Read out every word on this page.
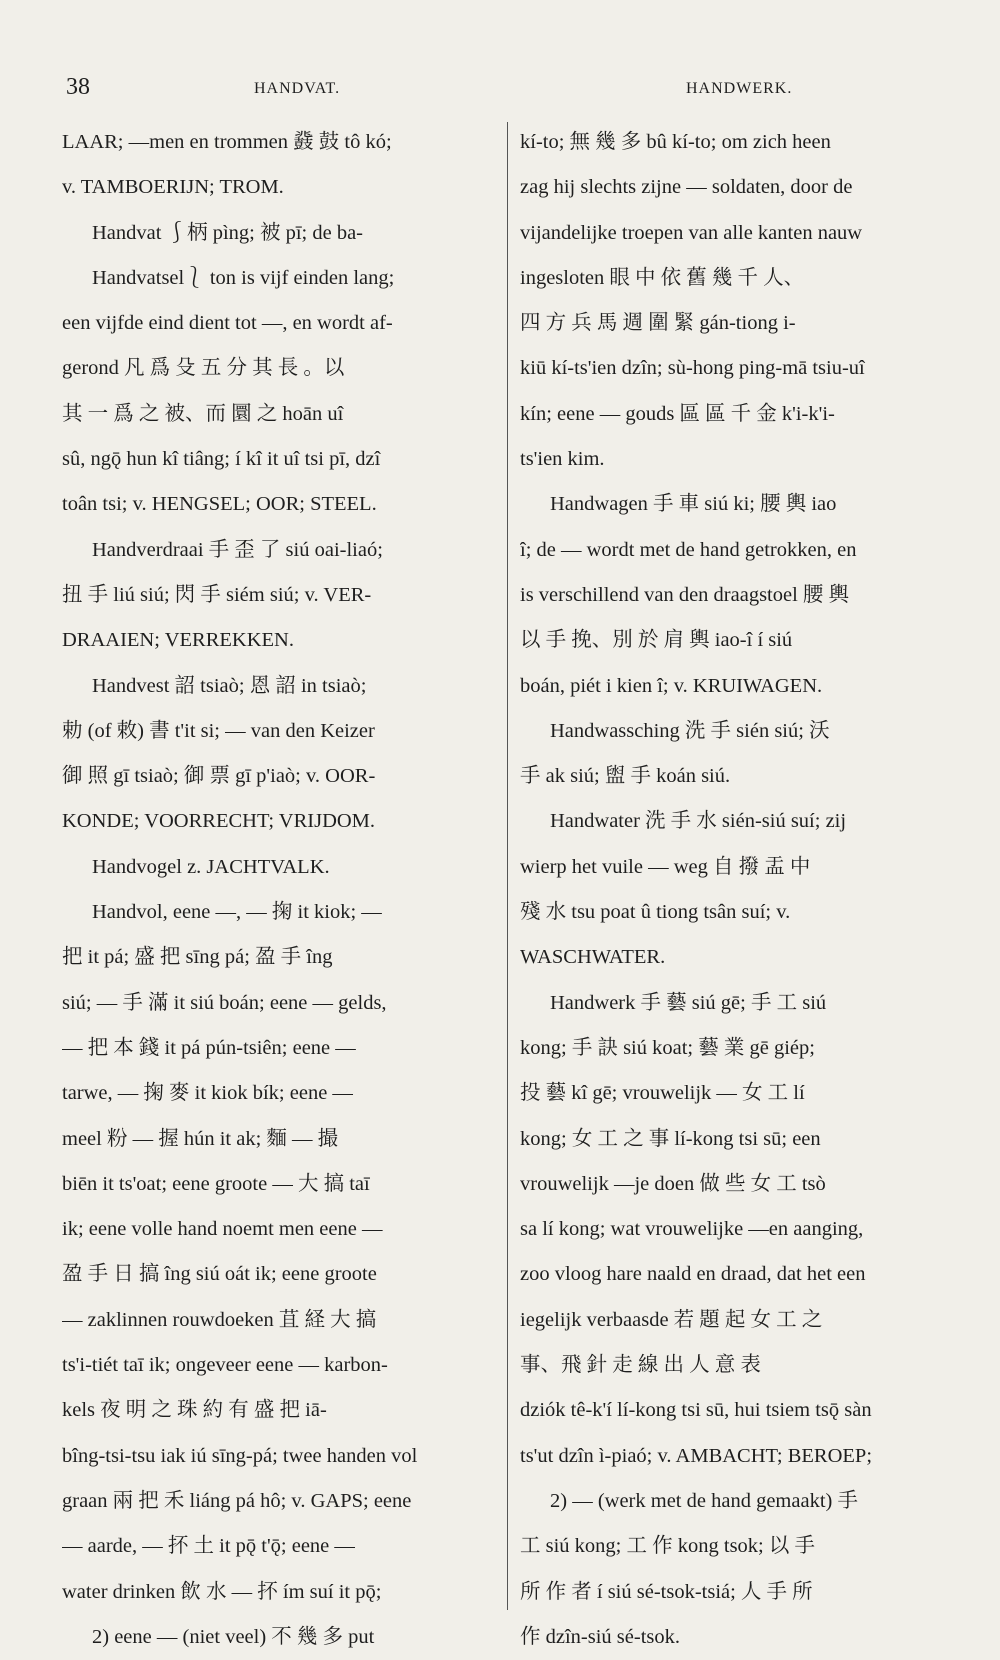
38	HANDVAT.	HANDWERK.
LAAR; —men en trommen 鼗 鼓 tô kó;
v. TAMBOERIJN; TROM.
Handvat ⎰柄 pìng; 被 pī; de ba-
Handvatsel⎱ ton is vijf einden lang;
een vijfde eind dient tot —, en wordt af-
gerond 凡 爲 殳 五 分 其 長 。以
其 一 爲 之 被、而 圜 之 hoān uî
sû, ngǭ hun kî tiâng; í kî it uî tsi pī, dzî
toân tsi; v. HENGSEL; OOR; STEEL.
Handverdraai 手 歪 了 siú oai-liaó;
扭 手 liú siú; 閃 手 siém siú; v. VER-
DRAAIEN; VERREKKEN.
Handvest 詔 tsiaò; 恩 詔 in tsiaò;
勅 (of 敕) 書 t'it si; — van den Keizer
御 照 gī tsiaò; 御 票 gī p'iaò; v. OOR-
KONDE; VOORRECHT; VRIJDOM.
Handvogel z. JACHTVALK.
Handvol, eene —, — 掬 it kiok; —
把 it pá; 盛 把 sīng pá; 盈 手 îng
siú; — 手 滿 it siú boán; eene — gelds,
— 把 本 錢 it pá pún-tsiên; eene —
tarwe, — 掬 麥 it kiok bík; eene —
meel 粉 — 握 hún it ak; 麵 — 撮
biēn it ts'oat; eene groote — 大 搞 taī
ik; eene volle hand noemt men eene —
盈 手 日 搞 îng siú oát ik; eene groote
— zaklinnen rouwdoeken 苴 経 大 搞
ts'i-tiét taī ik; ongeveer eene — karbon-
kels 夜 明 之 珠 約 有 盛 把 iā-
bîng-tsi-tsu iak iú sīng-pá; twee handen vol
graan 兩 把 禾 liáng pá hô; v. GAPS; eene
— aarde, — 抔 土 it pǭ t'ǭ; eene —
water drinken 飲 水 — 抔 ím suí it pǭ;
2) eene — (niet veel) 不 幾 多 put
kí-to; 無 幾 多 bû kí-to; om zich heen
zag hij slechts zijne — soldaten, door de
vijandelijke troepen van alle kanten nauw
ingesloten 眼 中 依 舊 幾 千 人、
四 方 兵 馬 週 圍 緊 gán-tiong i-
kiū kí-ts'ien dzîn; sù-hong ping-mā tsiu-uî
kín; eene — gouds 區 區 千 金 k'i-k'i-
ts'ien kim.
Handwagen 手 車 siú ki; 腰 輿 iao
î; de — wordt met de hand getrokken, en
is verschillend van den draagstoel 腰 輿
以 手 挽、別 於 肩 輿 iao-î í siú
boán, piét i kien î; v. KRUIWAGEN.
Handwassching 洗 手 sién siú; 沃
手 ak siú; 盥 手 koán siú.
Handwater 洗 手 水 sién-siú suí; zij
wierp het vuile — weg 自 撥 盂 中
殘 水 tsu poat û tiong tsân suí; v.
WASCHWATER.
Handwerk 手 藝 siú gē; 手 工 siú
kong; 手 訣 siú koat; 藝 業 gē giép;
投 藝 kî gē; vrouwelijk — 女 工 lí
kong; 女 工 之 事 lí-kong tsi sū; een
vrouwelijk —je doen 做 些 女 工 tsò
sa lí kong; wat vrouwelijke —en aanging,
zoo vloog hare naald en draad, dat het een
iegelijk verbaasde 若 題 起 女 工 之
事、飛 針 走 線 出 人 意 表
dziók tê-k'í lí-kong tsi sū, hui tsiem tsǭ sàn
ts'ut dzîn ì-piaó; v. AMBACHT; BEROEP;
2) — (werk met de hand gemaakt) 手
工 siú kong; 工 作 kong tsok; 以 手
所 作 者 í siú sé-tsok-tsiá; 人 手 所
作 dzîn-siú sé-tsok.
